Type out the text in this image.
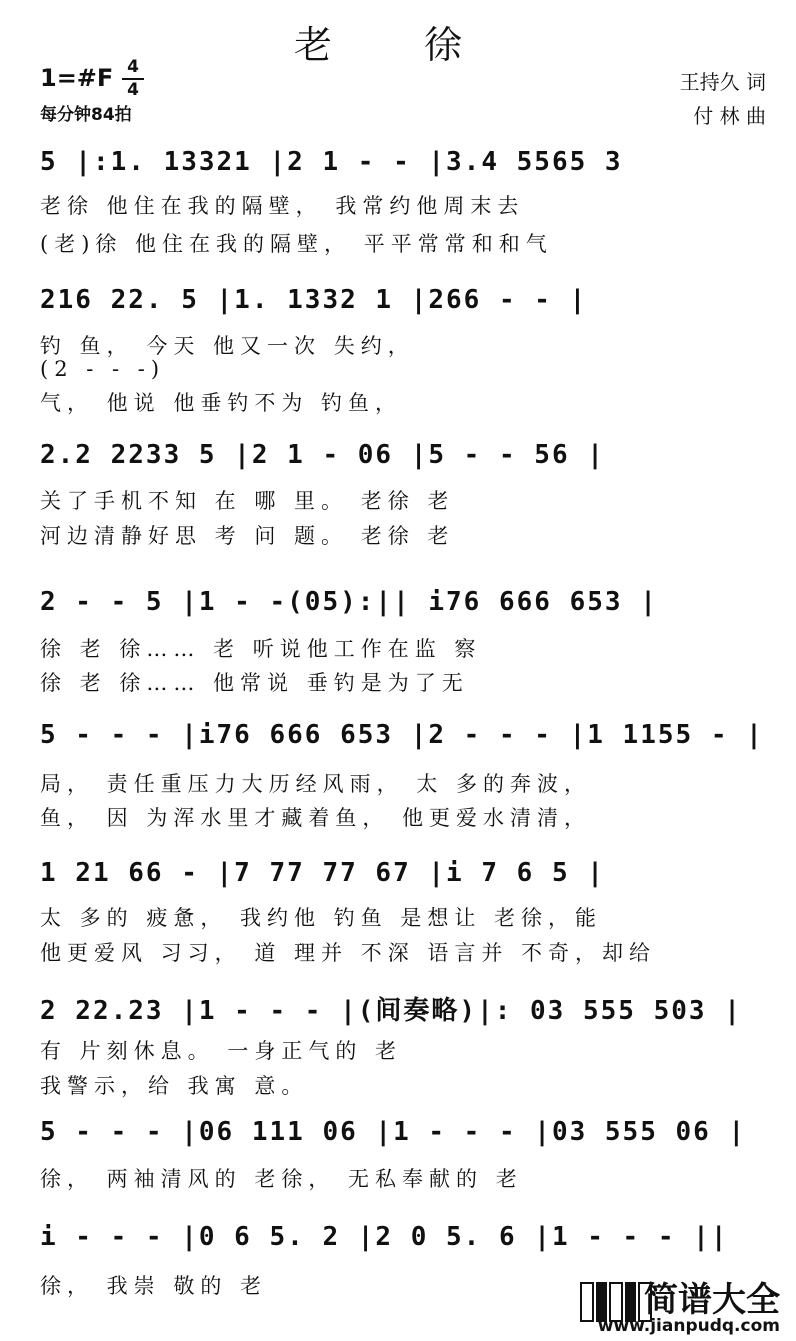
老 徐
1=#F 4
4
每分钟84拍
王持久 词
付 林 曲
5 |:1. 13321 |2 1 - - |3.4 5565 3
老徐 他住在我的隔壁， 我常约他周末去
(老)徐 他住在我的隔壁， 平平常常和和气
216 22. 5 |1. 1332 1 |266 - - |
钓 鱼， 今天 他又一次 失约，
(2 - - -)
气， 他说 他垂钓不为 钓鱼，
2.2 2233 5 |2 1 - 06 |5 - - 56 |
关了手机不知 在 哪 里。 老徐 老
河边清静好思 考 问 题。 老徐 老
2 - - 5 |1 - -(05):|| i76 666 653 |
徐 老 徐…… 老 听说他工作在监 察
徐 老 徐…… 他常说 垂钓是为了无
5 - - - |i76 666 653 |2 - - - |1 1155 - |
局， 责任重压力大历经风雨， 太 多的奔波，
鱼， 因 为浑水里才藏着鱼， 他更爱水清清，
1 21 66 - |7 77 77 67 |i 7 6 5 |
太 多的 疲惫， 我约他 钓鱼 是想让 老徐，能
他更爱风 习习， 道 理并 不深 语言并 不奇，却给
2 22.23 |1 - - - |(间奏略)|: 03 555 503 |
有 片刻休息。 一身正气的 老
我警示，给 我寓 意。
5 - - - |06 111 06 |1 - - - |03 555 06 |
徐， 两袖清风的 老徐， 无私奉献的 老
i - - - |0 6 5. 2 |2 0 5. 6 |1 - - - ||
徐， 我崇 敬的 老	简谱大全
www.jianpudq.com
